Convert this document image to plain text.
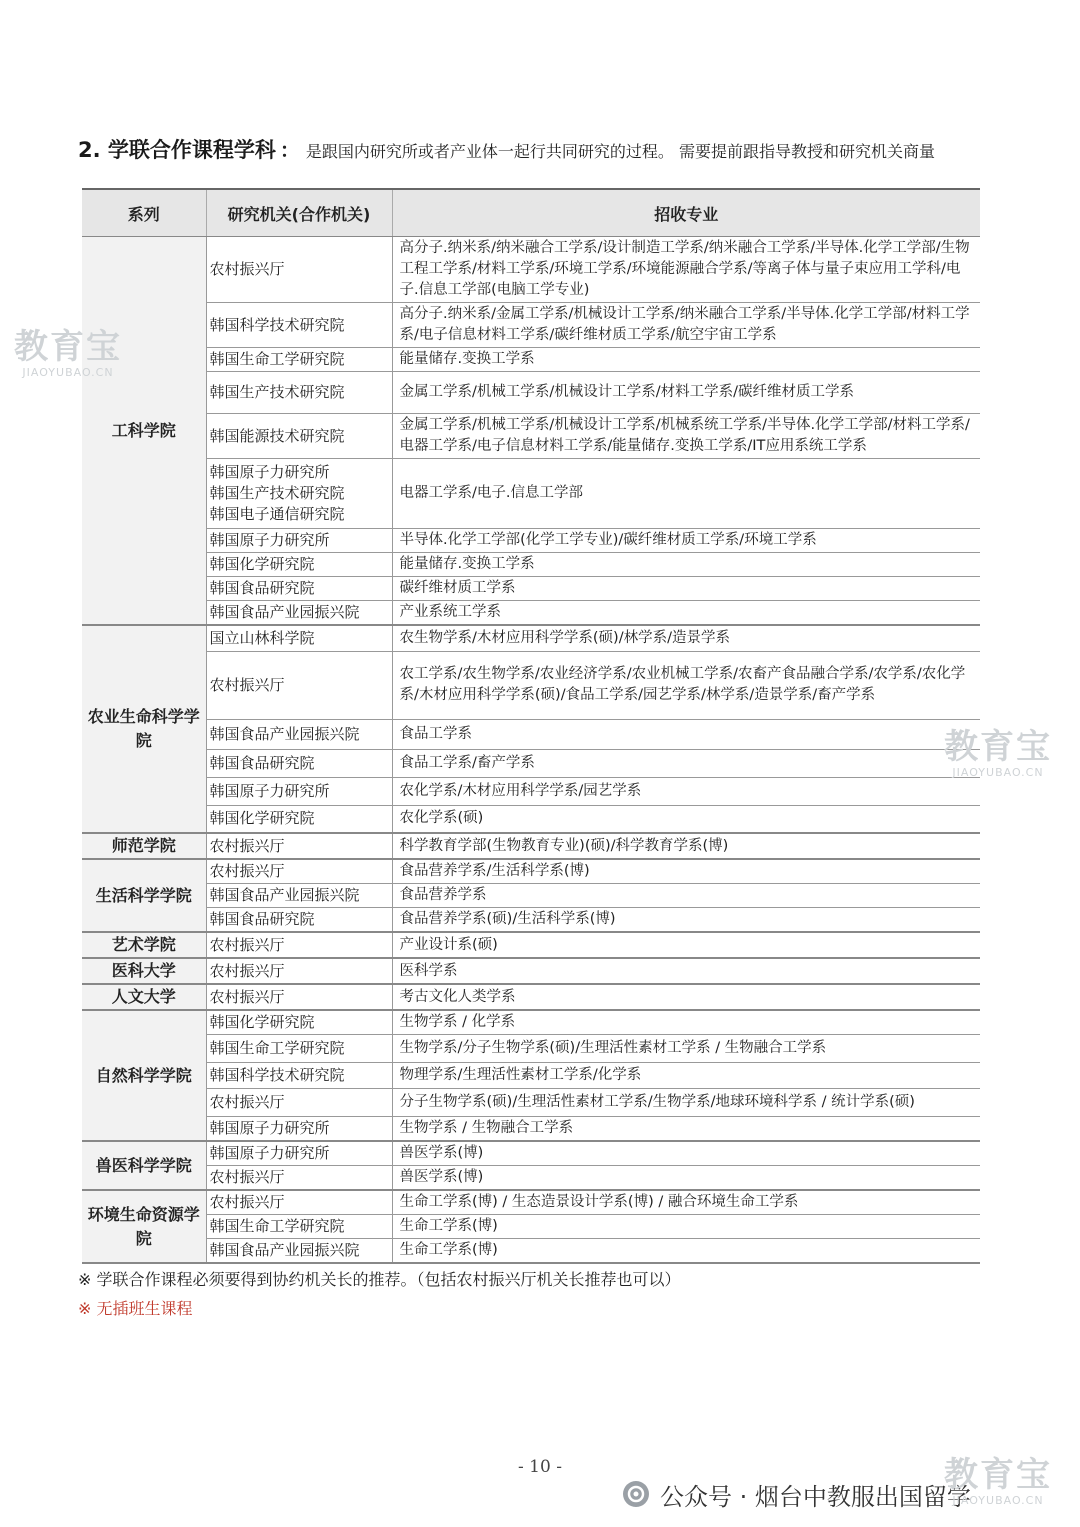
2. 学联合作课程学科 ： 是跟国内研究所或者产业体一起行共同研究的过程。 需要提前跟指导教授和研究机关商量
系列	研究机关(合作机关)	招收专业
工科学院	农村振兴厅	高分子.纳米系/纳米融合工学系/设计制造工学系/纳米融合工学系/半导体.化学工学部/生物工程工学系/材料工学系/环境工学系/环境能源融合学系/等离子体与量子束应用工学科/电子.信息工学部(电脑工学专业)

	韩国科学技术研究院	高分子.纳米系/金属工学系/机械设计工学系/纳米融合工学系/半导体.化学工学部/材料工学系/电子信息材料工学系/碳纤维材质工学系/航空宇宙工学系

	韩国生命工学研究院	能量储存.变换工学系

	韩国生产技术研究院	金属工学系/机械工学系/机械设计工学系/材料工学系/碳纤维材质工学系

	韩国能源技术研究院	金属工学系/机械工学系/机械设计工学系/机械系统工学系/半导体.化学工学部/材料工学系/电器工学系/电子信息材料工学系/能量储存.变换工学系/IT应用系统工学系

	韩国原子力研究所
韩国生产技术研究院
韩国电子通信研究院	电器工学系/电子.信息工学部

	韩国原子力研究所	半导体.化学工学部(化学工学专业)/碳纤维材质工学系/环境工学系

	韩国化学研究院	能量储存.变换工学系

	韩国食品研究院	碳纤维材质工学系

	韩国食品产业园振兴院	产业系统工学系
农业生命科学学院	国立山林科学院	农生物学系/木材应用科学学系(硕)/林学系/造景学系

	农村振兴厅	农工学系/农生物学系/农业经济学系/农业机械工学系/农畜产食品融合学系/农学系/农化学系/木材应用科学学系(硕)/食品工学系/园艺学系/林学系/造景学系/畜产学系

	韩国食品产业园振兴院	食品工学系

	韩国食品研究院	食品工学系/畜产学系

	韩国原子力研究所	农化学系/木材应用科学学系/园艺学系

	韩国化学研究院	农化学系(硕)
师范学院	农村振兴厅	科学教育学部(生物教育专业)(硕)/科学教育学系(博)
生活科学学院	农村振兴厅	食品营养学系/生活科学系(博)

	韩国食品产业园振兴院	食品营养学系

	韩国食品研究院	食品营养学系(硕)/生活科学系(博)
艺术学院	农村振兴厅	产业设计系(硕)
医科大学	农村振兴厅	医科学系
人文大学	农村振兴厅	考古文化人类学系
自然科学学院	韩国化学研究院	生物学系 / 化学系

	韩国生命工学研究院	生物学系/分子生物学系(硕)/生理活性素材工学系 / 生物融合工学系

	韩国科学技术研究院	物理学系/生理活性素材工学系/化学系

	农村振兴厅	分子生物学系(硕)/生理活性素材工学系/生物学系/地球环境科学系 / 统计学系(硕)

	韩国原子力研究所	生物学系 / 生物融合工学系
兽医科学学院	韩国原子力研究所	兽医学系(博)

	农村振兴厅	兽医学系(博)
环境生命资源学院	农村振兴厅	生命工学系(博) / 生态造景设计学系(博) / 融合环境生命工学系

	韩国生命工学研究院	生命工学系(博)

	韩国食品产业园振兴院	生命工学系(博)
※ 学联合作课程必须要得到协约机关长的推荐。（包括农村振兴厅机关长推荐也可以）
※ 无插班生课程
- 10 -
公众号 · 烟台中教服出国留学
教育宝
JIAOYUBAO.CN
教育宝
JIAOYUBAO.CN
教育宝
JIAOYUBAO.CN
